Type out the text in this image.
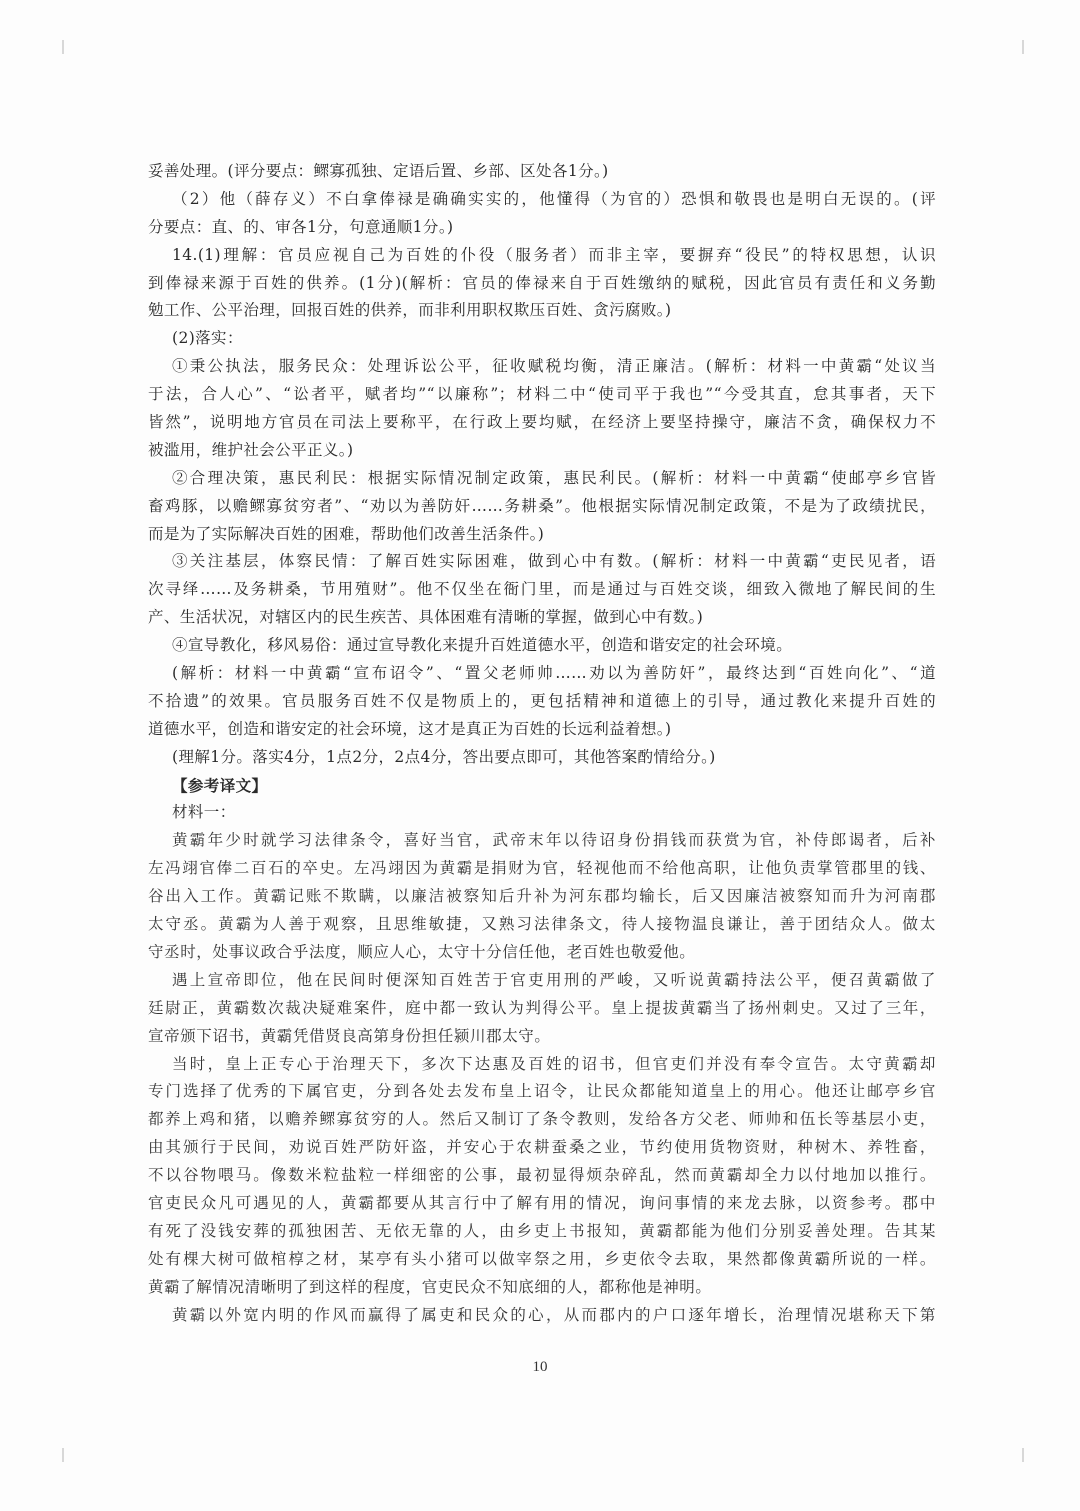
妥善处理。(评分要点：鳏寡孤独、定语后置、乡部、区处各1分。)
（2）他（薛存义）不白拿俸禄是确确实实的，他懂得（为官的）恐惧和敬畏也是明白无误的。(评
分要点：直、的、审各1分，句意通顺1分。)
14.(1)理解：官员应视自己为百姓的仆役（服务者）而非主宰，要摒弃“役民”的特权思想，认识
到俸禄来源于百姓的供养。(1分)(解析：官员的俸禄来自于百姓缴纳的赋税，因此官员有责任和义务勤
勉工作、公平治理，回报百姓的供养，而非利用职权欺压百姓、贪污腐败。)
(2)落实：
①秉公执法，服务民众：处理诉讼公平，征收赋税均衡，清正廉洁。(解析：材料一中黄霸“处议当
于法，合人心”、“讼者平，赋者均”“以廉称”；材料二中“使司平于我也”“今受其直，怠其事者，天下
皆然”，说明地方官员在司法上要称平，在行政上要均赋，在经济上要坚持操守，廉洁不贪，确保权力不
被滥用，维护社会公平正义。)
②合理决策，惠民利民：根据实际情况制定政策，惠民利民。(解析：材料一中黄霸“使邮亭乡官皆
畜鸡豚，以赡鳏寡贫穷者”、“劝以为善防奸……务耕桑”。他根据实际情况制定政策，不是为了政绩扰民，
而是为了实际解决百姓的困难，帮助他们改善生活条件。)
③关注基层，体察民情：了解百姓实际困难，做到心中有数。(解析：材料一中黄霸“吏民见者，语
次寻绎……及务耕桑，节用殖财”。他不仅坐在衙门里，而是通过与百姓交谈，细致入微地了解民间的生
产、生活状况，对辖区内的民生疾苦、具体困难有清晰的掌握，做到心中有数。)
④宣导教化，移风易俗：通过宣导教化来提升百姓道德水平，创造和谐安定的社会环境。
(解析：材料一中黄霸“宣布诏令”、“置父老师帅……劝以为善防奸”，最终达到“百姓向化”、“道
不拾遗”的效果。官员服务百姓不仅是物质上的，更包括精神和道德上的引导，通过教化来提升百姓的
道德水平，创造和谐安定的社会环境，这才是真正为百姓的长远利益着想。)
(理解1分。落实4分，1点2分，2点4分，答出要点即可，其他答案酌情给分。)
【参考译文】
材料一：
黄霸年少时就学习法律条令，喜好当官，武帝末年以待诏身份捐钱而获赏为官，补侍郎谒者，后补
左冯翊官俸二百石的卒史。左冯翊因为黄霸是捐财为官，轻视他而不给他高职，让他负责掌管郡里的钱、
谷出入工作。黄霸记账不欺瞒，以廉洁被察知后升补为河东郡均输长，后又因廉洁被察知而升为河南郡
太守丞。黄霸为人善于观察，且思维敏捷，又熟习法律条文，待人接物温良谦让，善于团结众人。做太
守丞时，处事议政合乎法度，顺应人心，太守十分信任他，老百姓也敬爱他。
遇上宣帝即位，他在民间时便深知百姓苦于官吏用刑的严峻，又听说黄霸持法公平，便召黄霸做了
廷尉正，黄霸数次裁决疑难案件，庭中都一致认为判得公平。皇上提拔黄霸当了扬州刺史。又过了三年，
宣帝颁下诏书，黄霸凭借贤良高第身份担任颍川郡太守。
当时，皇上正专心于治理天下，多次下达惠及百姓的诏书，但官吏们并没有奉令宣告。太守黄霸却
专门选择了优秀的下属官吏，分到各处去发布皇上诏令，让民众都能知道皇上的用心。他还让邮亭乡官
都养上鸡和猪，以赡养鳏寡贫穷的人。然后又制订了条令教则，发给各方父老、师帅和伍长等基层小吏，
由其颁行于民间，劝说百姓严防奸盗，并安心于农耕蚕桑之业，节约使用货物资财，种树木、养牲畜，
不以谷物喂马。像数米粒盐粒一样细密的公事，最初显得烦杂碎乱，然而黄霸却全力以付地加以推行。
官吏民众凡可遇见的人，黄霸都要从其言行中了解有用的情况，询问事情的来龙去脉，以资参考。郡中
有死了没钱安葬的孤独困苦、无依无靠的人，由乡吏上书报知，黄霸都能为他们分别妥善处理。告其某
处有棵大树可做棺椁之材，某亭有头小猪可以做宰祭之用，乡吏依令去取，果然都像黄霸所说的一样。
黄霸了解情况清晰明了到这样的程度，官吏民众不知底细的人，都称他是神明。
黄霸以外宽内明的作风而赢得了属吏和民众的心，从而郡内的户口逐年增长，治理情况堪称天下第
10
